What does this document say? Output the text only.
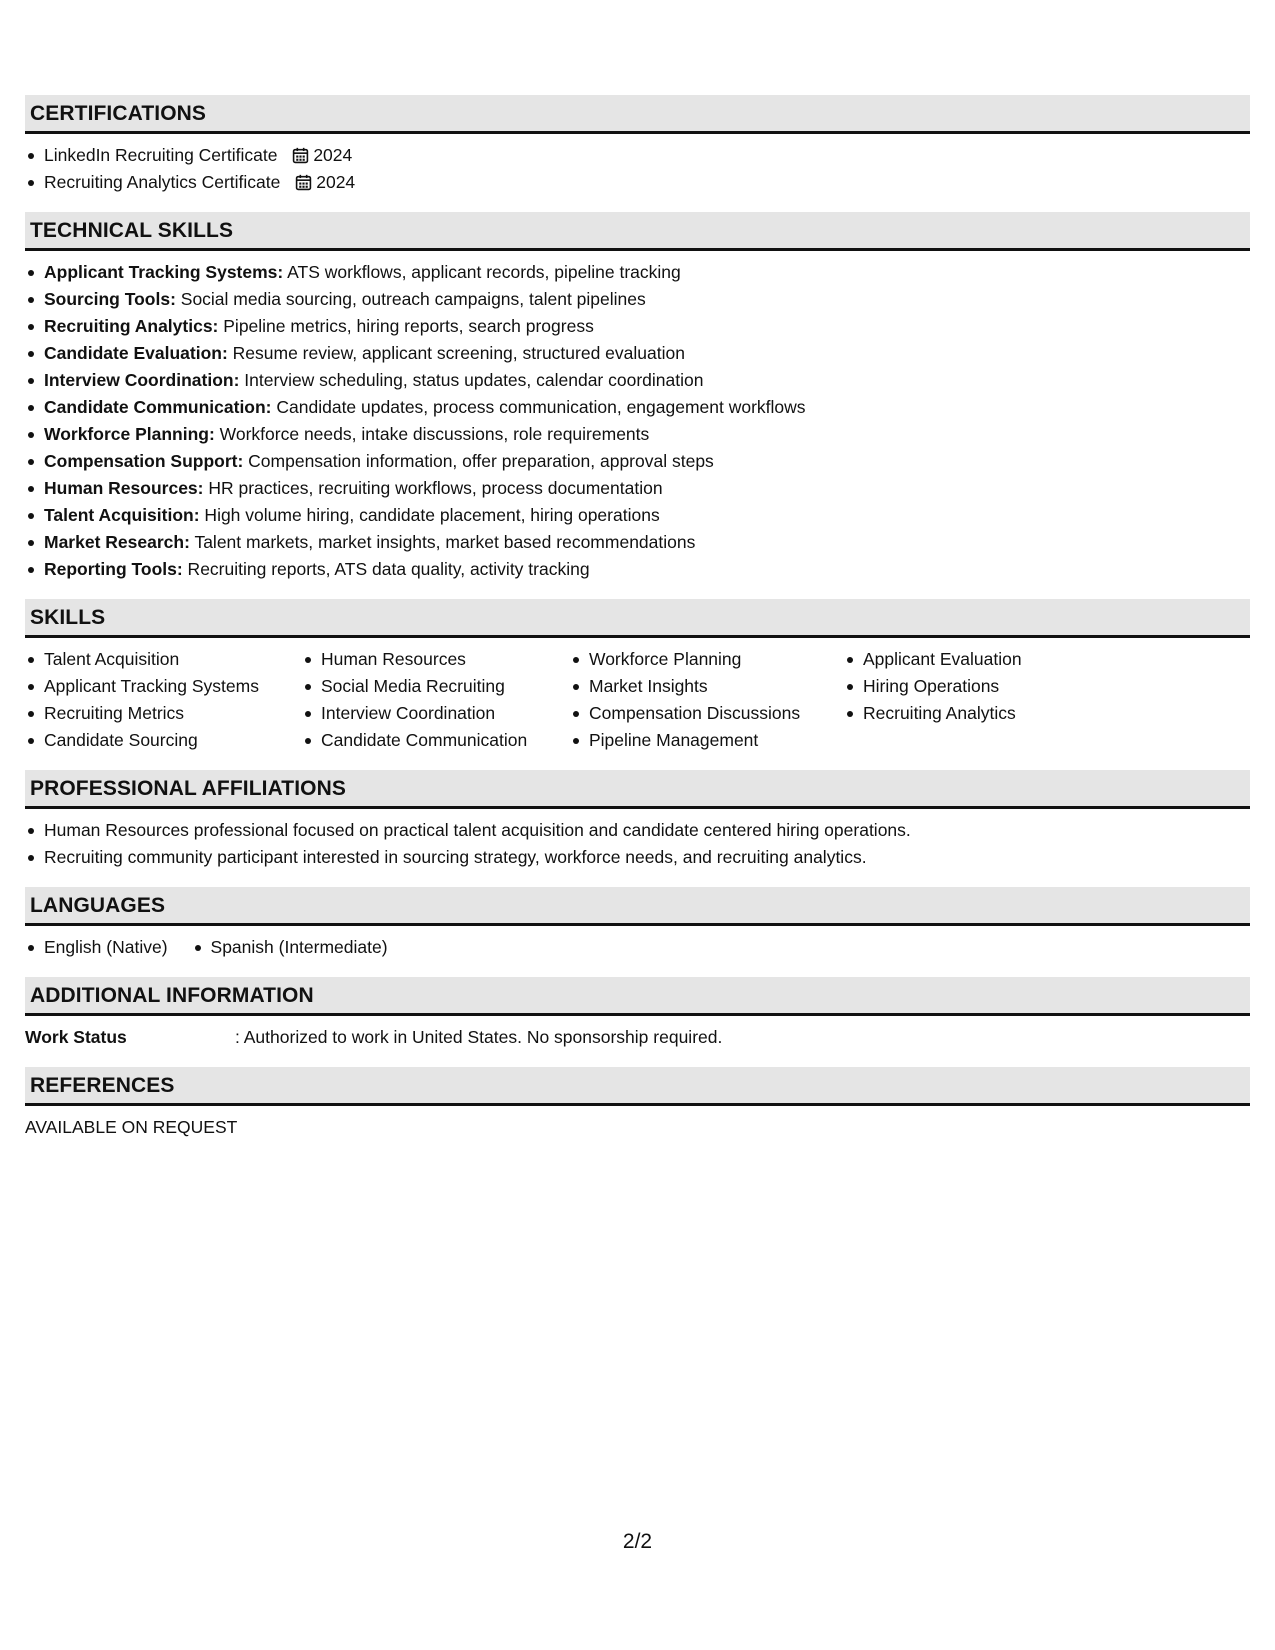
CERTIFICATIONS
LinkedIn Recruiting Certificate 2024
Recruiting Analytics Certificate 2024
TECHNICAL SKILLS
Applicant Tracking Systems: ATS workflows, applicant records, pipeline tracking
Sourcing Tools: Social media sourcing, outreach campaigns, talent pipelines
Recruiting Analytics: Pipeline metrics, hiring reports, search progress
Candidate Evaluation: Resume review, applicant screening, structured evaluation
Interview Coordination: Interview scheduling, status updates, calendar coordination
Candidate Communication: Candidate updates, process communication, engagement workflows
Workforce Planning: Workforce needs, intake discussions, role requirements
Compensation Support: Compensation information, offer preparation, approval steps
Human Resources: HR practices, recruiting workflows, process documentation
Talent Acquisition: High volume hiring, candidate placement, hiring operations
Market Research: Talent markets, market insights, market based recommendations
Reporting Tools: Recruiting reports, ATS data quality, activity tracking
SKILLS
Talent Acquisition
Applicant Tracking Systems
Recruiting Metrics
Candidate Sourcing
Human Resources
Social Media Recruiting
Interview Coordination
Candidate Communication
Workforce Planning
Market Insights
Compensation Discussions
Pipeline Management
Applicant Evaluation
Hiring Operations
Recruiting Analytics
PROFESSIONAL AFFILIATIONS
Human Resources professional focused on practical talent acquisition and candidate centered hiring operations.
Recruiting community participant interested in sourcing strategy, workforce needs, and recruiting analytics.
LANGUAGES
English (Native)	Spanish (Intermediate)
ADDITIONAL INFORMATION
Work Status	: Authorized to work in United States. No sponsorship required.
REFERENCES
AVAILABLE ON REQUEST
2/2
